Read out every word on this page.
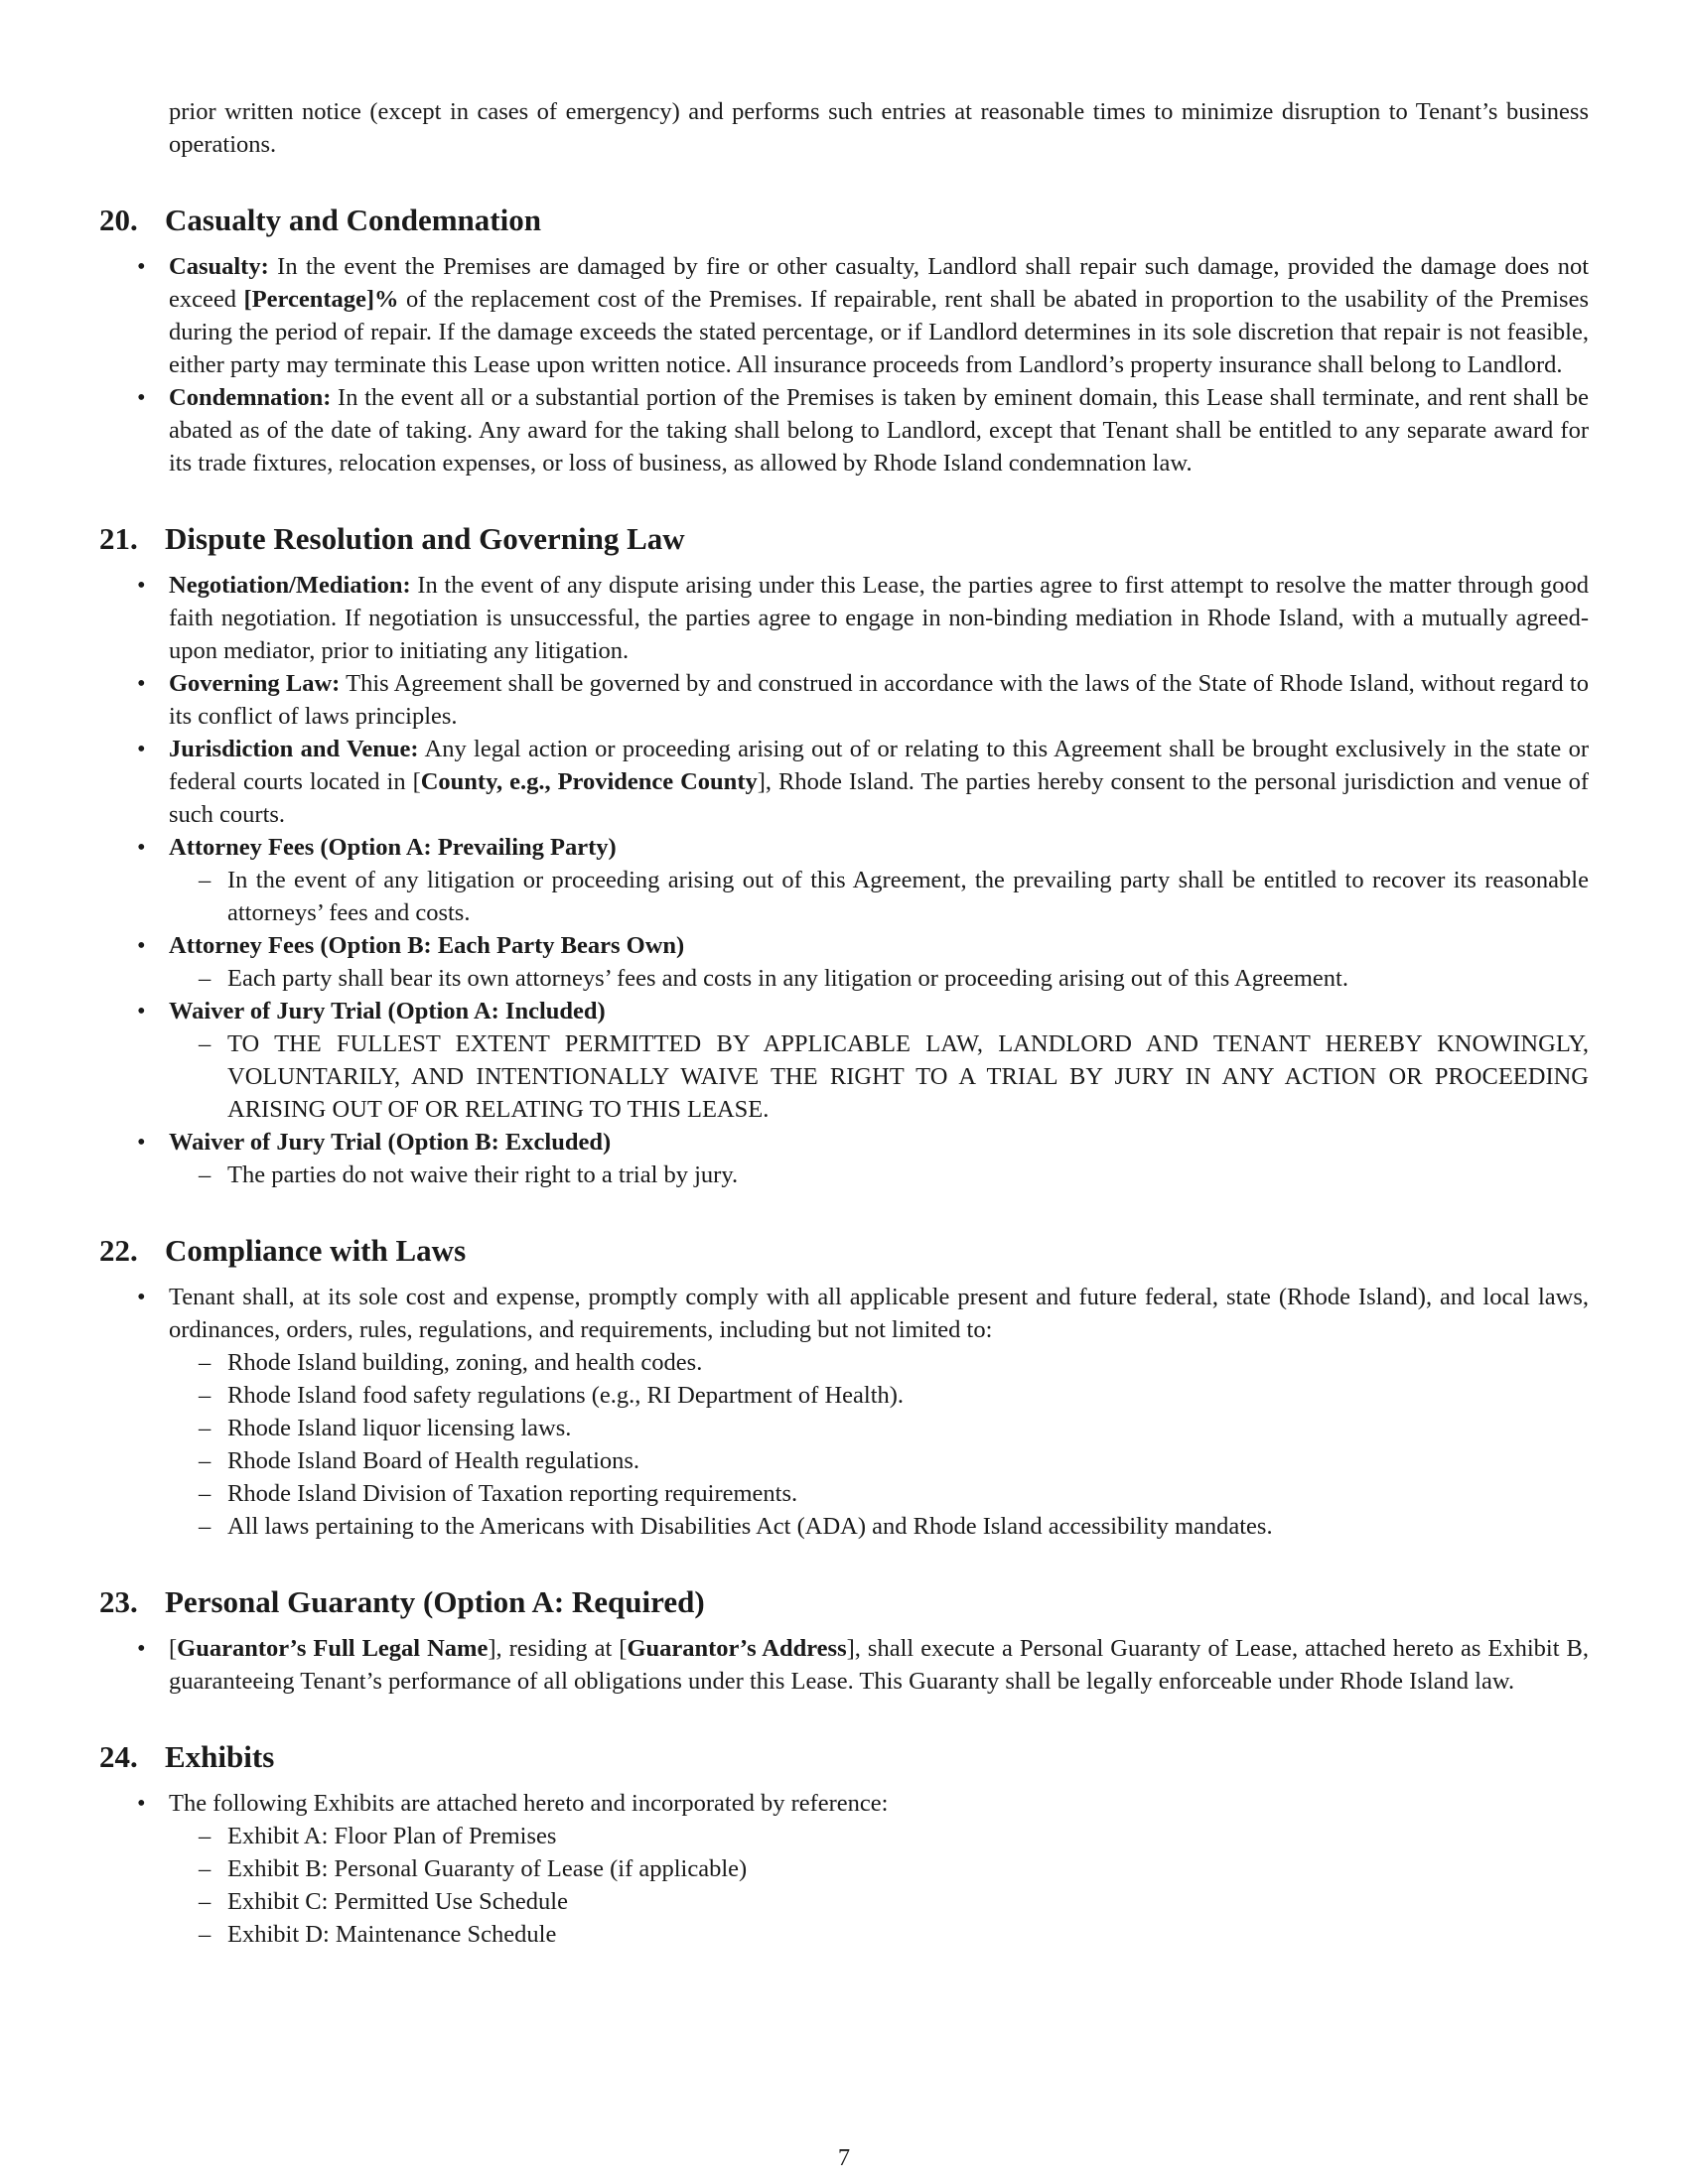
prior written notice (except in cases of emergency) and performs such entries at reasonable times to minimize disruption to Tenant’s business operations.

20. Casualty and Condemnation
• Casualty: In the event the Premises are damaged by fire or other casualty, Landlord shall repair such damage, provided the damage does not exceed [Percentage]% of the replacement cost of the Premises. If repairable, rent shall be abated in proportion to the usability of the Premises during the period of repair. If the damage exceeds the stated percentage, or if Landlord determines in its sole discretion that repair is not feasible, either party may terminate this Lease upon written notice. All insurance proceeds from Landlord’s property insurance shall belong to Landlord.
• Condemnation: In the event all or a substantial portion of the Premises is taken by eminent domain, this Lease shall terminate, and rent shall be abated as of the date of taking. Any award for the taking shall belong to Landlord, except that Tenant shall be entitled to any separate award for its trade fixtures, relocation expenses, or loss of business, as allowed by Rhode Island condemnation law.
21. Dispute Resolution and Governing Law
• Negotiation/Mediation: In the event of any dispute arising under this Lease, the parties agree to first attempt to resolve the matter through good faith negotiation. If negotiation is unsuccessful, the parties agree to engage in non-binding mediation in Rhode Island, with a mutually agreed-upon mediator, prior to initiating any litigation.
• Governing Law: This Agreement shall be governed by and construed in accordance with the laws of the State of Rhode Island, without regard to its conflict of laws principles.
• Jurisdiction and Venue: Any legal action or proceeding arising out of or relating to this Agreement shall be brought exclusively in the state or federal courts located in [County, e.g., Providence County], Rhode Island. The parties hereby consent to the personal jurisdiction and venue of such courts.
• Attorney Fees (Option A: Prevailing Party)
– In the event of any litigation or proceeding arising out of this Agreement, the prevailing party shall be entitled to recover its reasonable attorneys’ fees and costs.
• Attorney Fees (Option B: Each Party Bears Own)
– Each party shall bear its own attorneys’ fees and costs in any litigation or proceeding arising out of this Agreement.
• Waiver of Jury Trial (Option A: Included)
– TO THE FULLEST EXTENT PERMITTED BY APPLICABLE LAW, LANDLORD AND TENANT HEREBY KNOWINGLY, VOLUNTARILY, AND INTENTIONALLY WAIVE THE RIGHT TO A TRIAL BY JURY IN ANY ACTION OR PROCEEDING ARISING OUT OF OR RELATING TO THIS LEASE.
• Waiver of Jury Trial (Option B: Excluded)
– The parties do not waive their right to a trial by jury.
22. Compliance with Laws
• Tenant shall, at its sole cost and expense, promptly comply with all applicable present and future federal, state (Rhode Island), and local laws, ordinances, orders, rules, regulations, and requirements, including but not limited to:
– Rhode Island building, zoning, and health codes.
– Rhode Island food safety regulations (e.g., RI Department of Health).
– Rhode Island liquor licensing laws.
– Rhode Island Board of Health regulations.
– Rhode Island Division of Taxation reporting requirements.
– All laws pertaining to the Americans with Disabilities Act (ADA) and Rhode Island accessibility mandates.
23. Personal Guaranty (Option A: Required)
• [Guarantor’s Full Legal Name], residing at [Guarantor’s Address], shall execute a Personal Guaranty of Lease, attached hereto as Exhibit B, guaranteeing Tenant’s performance of all obligations under this Lease. This Guaranty shall be legally enforceable under Rhode Island law.
24. Exhibits
• The following Exhibits are attached hereto and incorporated by reference:
– Exhibit A: Floor Plan of Premises
– Exhibit B: Personal Guaranty of Lease (if applicable)
– Exhibit C: Permitted Use Schedule
– Exhibit D: Maintenance Schedule
7
